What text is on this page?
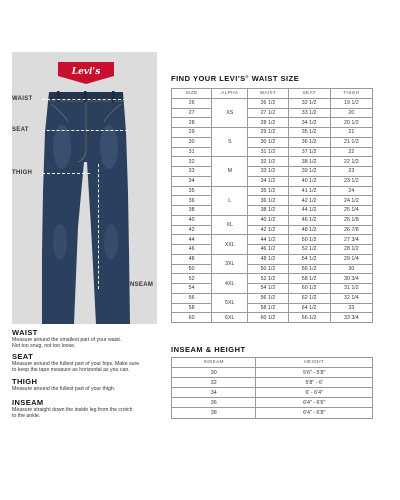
Levi's
WAIST
SEAT
THIGH
INSEAM
WAIST
Measure around the smallest part of your waist.
Not too snug, not too loose.
SEAT
Measure around the fullest part of your hips. Make sure
to keep the tape measure as horizontal as you can.
THIGH
Measure around the fullest part of your thigh.
INSEAM
Measure straight down the inside leg from the crotch
to the ankle.
FIND YOUR LEVI'S® WAIST SIZE
SIZE	ALPHA	WAIST	SEAT	THIGH
26	XS	26 1/2	32 1/2	19 1/2
27		27 1/2	33 1/2	20
28		28 1/2	34 1/2	20 1/2
29	S	29 1/2	35 1/2	21
30		30 1/2	36 1/2	21 1/2
31		31 1/2	37 1/2	22
32	M	32 1/2	38 1/2	22 1/2
33		33 1/2	39 1/2	23
34		34 1/2	40 1/2	23 1/2
35	L	35 1/2	41 1/2	24
36		36 1/2	42 1/2	24 1/2
38		38 1/2	44 1/2	25 1/4
40	XL	40 1/2	46 1/2	26 1/8
42		42 1/2	48 1/2	26 7/8
44	XXL	44 1/2	50 1/2	27 3/4
46		46 1/2	52 1/2	28 1/2
48	3XL	48 1/2	54 1/2	29 1/4
50		50 1/2	56 1/2	30
52	4XL	52 1/2	58 1/2	30 3/4
54		54 1/2	60 1/2	31 1/2
56	5XL	56 1/2	62 1/2	32 1/4
58		58 1/2	64 1/2	33
60	6XL	60 1/2	66 1/2	33 3/4
INSEAM & HEIGHT
INSEAM	HEIGHT
30	5'6" - 5'8"
32	5'8" - 6'
34	6' - 6'4"
36	6'4" - 6'6"
38	6'4" - 6'8"
